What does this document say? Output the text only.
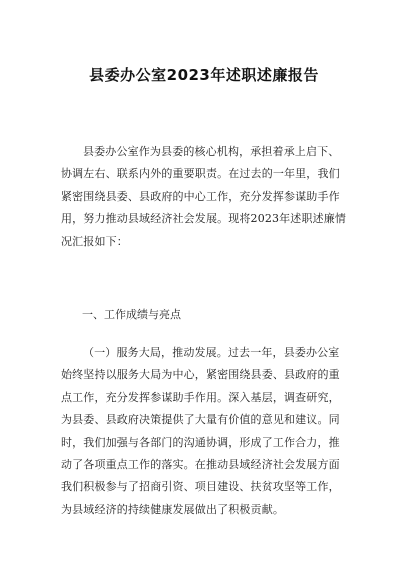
县委办公室2023年述职述廉报告
县委办公室作为县委的核心机构，承担着承上启下、
协调左右、联系内外的重要职责。在过去的一年里，我们
紧密围绕县委、县政府的中心工作，充分发挥参谋助手作
用，努力推动县域经济社会发展。现将2023年述职述廉情
况汇报如下：
一、工作成绩与亮点
（一）服务大局，推动发展。过去一年，县委办公室
始终坚持以服务大局为中心，紧密围绕县委、县政府的重
点工作，充分发挥参谋助手作用。深入基层，调查研究，
为县委、县政府决策提供了大量有价值的意见和建议。同
时，我们加强与各部门的沟通协调，形成了工作合力，推
动了各项重点工作的落实。在推动县域经济社会发展方面
我们积极参与了招商引资、项目建设、扶贫攻坚等工作，
为县域经济的持续健康发展做出了积极贡献。
